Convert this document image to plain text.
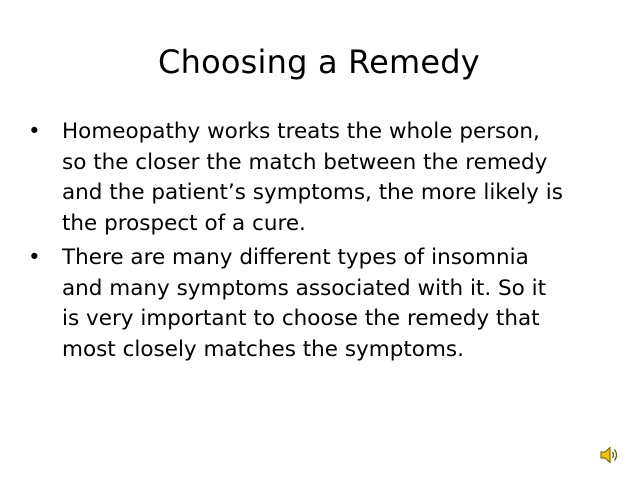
Choosing a Remedy
• Homeopathy works treats the whole person,
so the closer the match between the remedy
and the patient’s symptoms, the more likely is
the prospect of a cure.
• There are many different types of insomnia
and many symptoms associated with it. So it
is very important to choose the remedy that
most closely matches the symptoms.
